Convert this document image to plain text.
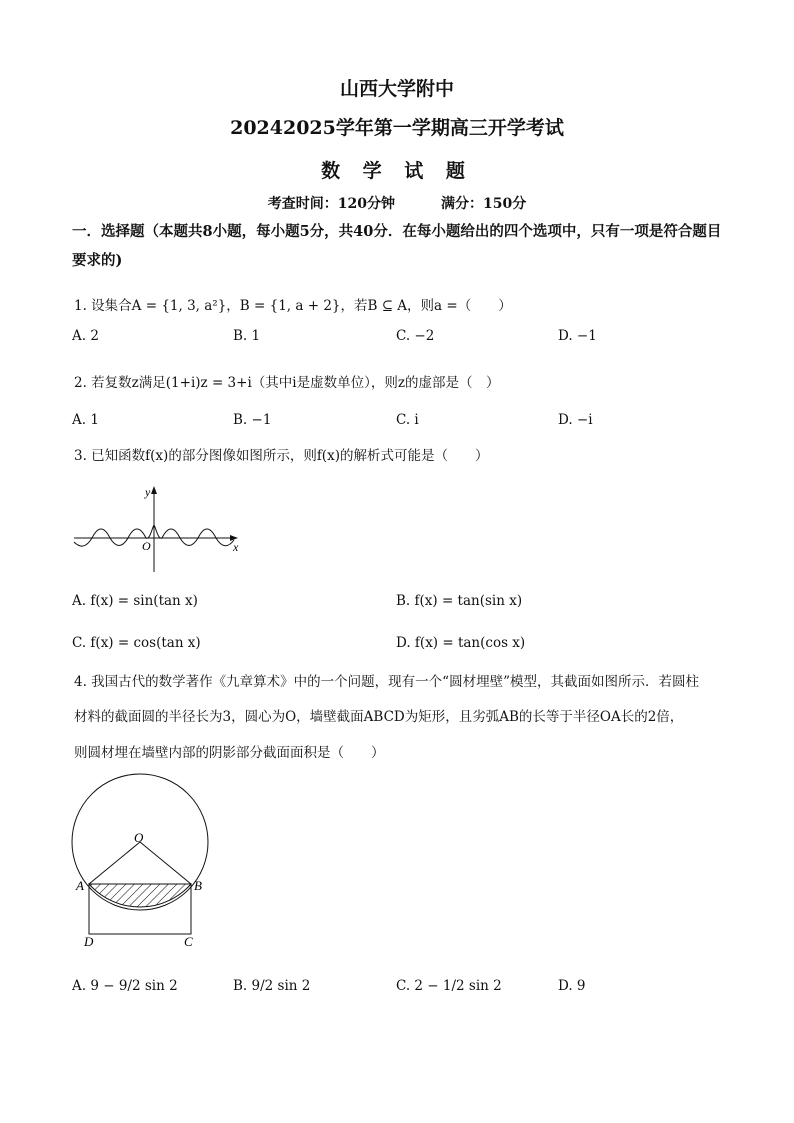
山西大学附中
20242025学年第一学期高三开学考试
数 学 试 题
考查时间：120分钟	满分：150分
一．选择题（本题共8小题，每小题5分，共40分．在每小题给出的四个选项中，只有一项是符合题目要求的)
1. 设集合A = {1, 3, a²}，B = {1, a + 2}，若B ⊆ A，则a =（　　）
A. 2	B. 1	C. −2	D. −1
2. 若复数z满足(1+i)z = 3+i（其中i是虚数单位），则z的虚部是（　）
A. 1	B. −1	C. i	D. −i
3. 已知函数f(x)的部分图像如图所示，则f(x)的解析式可能是（　　）
y
x
O
A. f(x) = sin(tan x)	B. f(x) = tan(sin x)
C. f(x) = cos(tan x)	D. f(x) = tan(cos x)
4. 我国古代的数学著作《九章算术》中的一个问题，现有一个“圆材埋壁”模型，其截面如图所示．若圆柱
材料的截面圆的半径长为3，圆心为O，墙壁截面ABCD为矩形，且劣弧AB的长等于半径OA长的2倍，
则圆材埋在墙壁内部的阴影部分截面面积是（　　）
O
A	B
C
D
A. 9 − 9/2 sin 2	B. 9/2 sin 2	C. 2 − 1/2 sin 2	D. 9
